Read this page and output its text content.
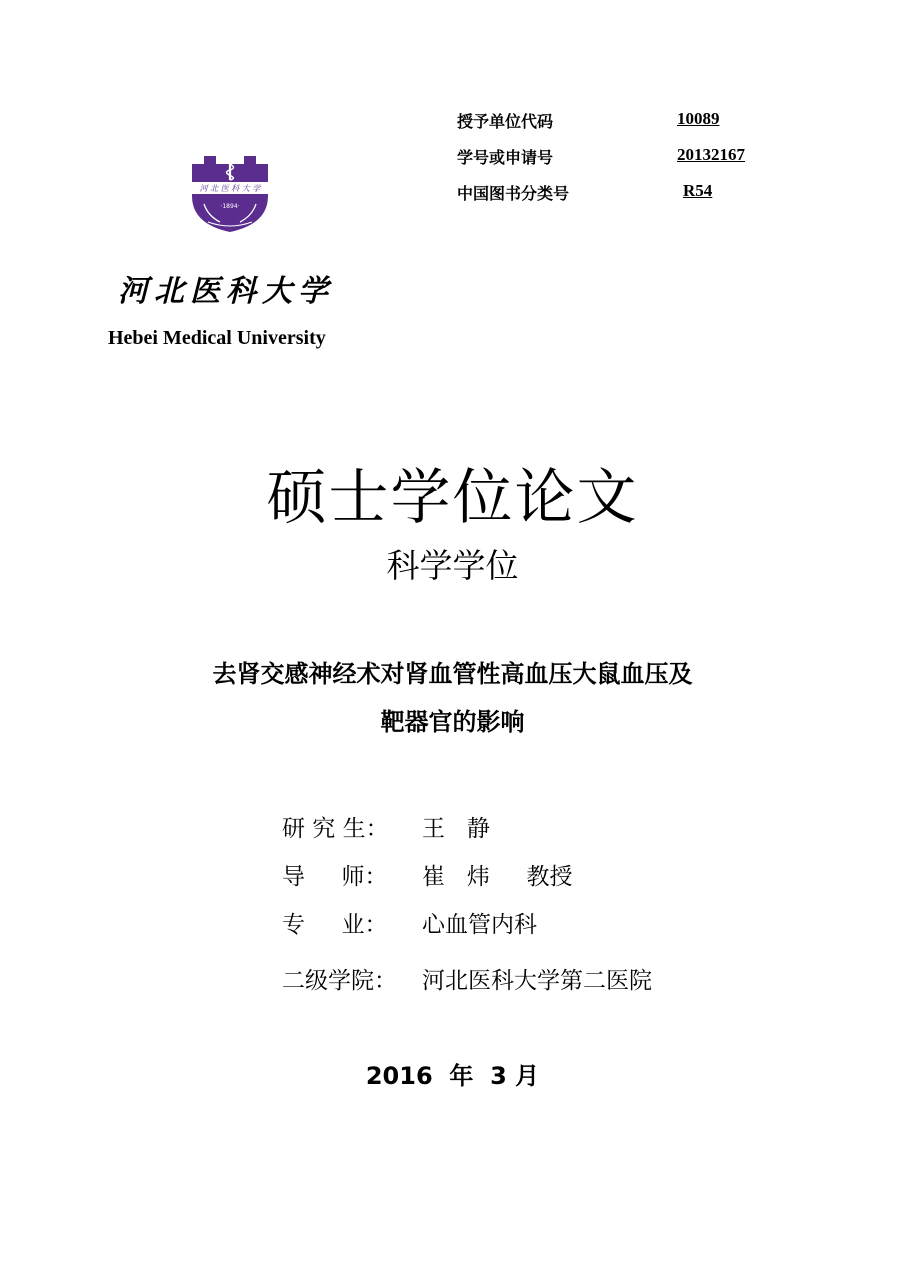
授予单位代码	10089
学号或申请号	20132167
中国图书分类号	R54
河 北 医 科 大 学
·1894·
河北医科大学
Hebei Medical University
硕士学位论文
科学学位
去肾交感神经术对肾血管性高血压大鼠血压及
靶器官的影响
研 究 生： 王   静
导     师： 崔   炜     教授
专     业： 心血管内科
二级学院： 河北医科大学第二医院
2016  年  3 月
